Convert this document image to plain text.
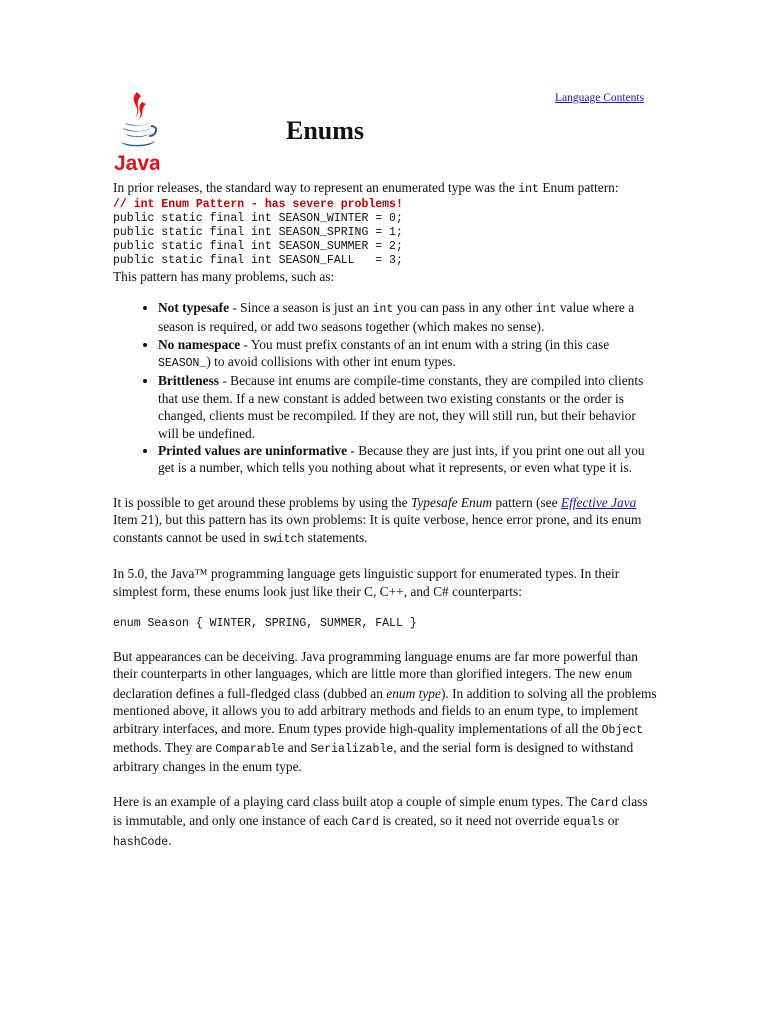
Language Contents
Java
Enums

In prior releases, the standard way to represent an enumerated type was the int Enum pattern:

// int Enum Pattern - has severe problems!
public static final int SEASON_WINTER = 0;
public static final int SEASON_SPRING = 1;
public static final int SEASON_SUMMER = 2;
public static final int SEASON_FALL   = 3;

This pattern has many problems, such as:

• Not typesafe - Since a season is just an int you can pass in any other int value where a season is required, or add two seasons together (which makes no sense).
• No namespace - You must prefix constants of an int enum with a string (in this case SEASON_) to avoid collisions with other int enum types.
• Brittleness - Because int enums are compile-time constants, they are compiled into clients that use them. If a new constant is added between two existing constants or the order is changed, clients must be recompiled. If they are not, they will still run, but their behavior will be undefined.
• Printed values are uninformative - Because they are just ints, if you print one out all you get is a number, which tells you nothing about what it represents, or even what type it is.

It is possible to get around these problems by using the Typesafe Enum pattern (see Effective Java Item 21), but this pattern has its own problems: It is quite verbose, hence error prone, and its enum constants cannot be used in switch statements.

In 5.0, the Java™ programming language gets linguistic support for enumerated types. In their simplest form, these enums look just like their C, C++, and C# counterparts:

enum Season { WINTER, SPRING, SUMMER, FALL }

But appearances can be deceiving. Java programming language enums are far more powerful than their counterparts in other languages, which are little more than glorified integers. The new enum declaration defines a full-fledged class (dubbed an enum type). In addition to solving all the problems mentioned above, it allows you to add arbitrary methods and fields to an enum type, to implement arbitrary interfaces, and more. Enum types provide high-quality implementations of all the Object methods. They are Comparable and Serializable, and the serial form is designed to withstand arbitrary changes in the enum type.

Here is an example of a playing card class built atop a couple of simple enum types. The Card class is immutable, and only one instance of each Card is created, so it need not override equals or hashCode.
